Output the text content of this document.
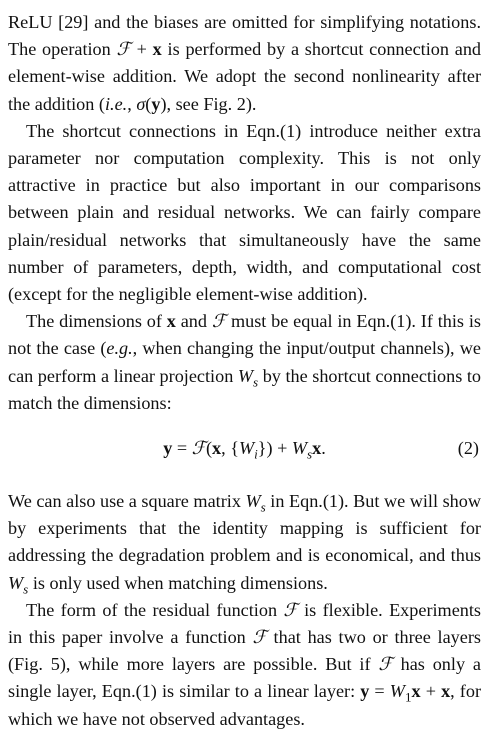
ReLU [29] and the biases are omitted for simplifying notations. The operation ℱ + x is performed by a shortcut connection and element-wise addition. We adopt the second nonlinearity after the addition (i.e., σ(y), see Fig. 2).

The shortcut connections in Eqn.(1) introduce neither extra parameter nor computation complexity. This is not only attractive in practice but also important in our comparisons between plain and residual networks. We can fairly compare plain/residual networks that simultaneously have the same number of parameters, depth, width, and computational cost (except for the negligible element-wise addition).

The dimensions of x and ℱ must be equal in Eqn.(1). If this is not the case (e.g., when changing the input/output channels), we can perform a linear projection $W_s$ by the shortcut connections to match the dimensions:

y = ℱ(x, $\{W_i\}) + W_sx$.	(2)

We can also use a square matrix $W_s$ in Eqn.(1). But we will show by experiments that the identity mapping is sufficient for addressing the degradation problem and is economical, and thus $W_s$ is only used when matching dimensions.

The form of the residual function ℱ is flexible. Experiments in this paper involve a function ℱ that has two or three layers (Fig. 5), while more layers are possible. But if ℱ has only a single layer, Eqn.(1) is similar to a linear layer: $y = W_1x + x$, for which we have not observed advantages.
